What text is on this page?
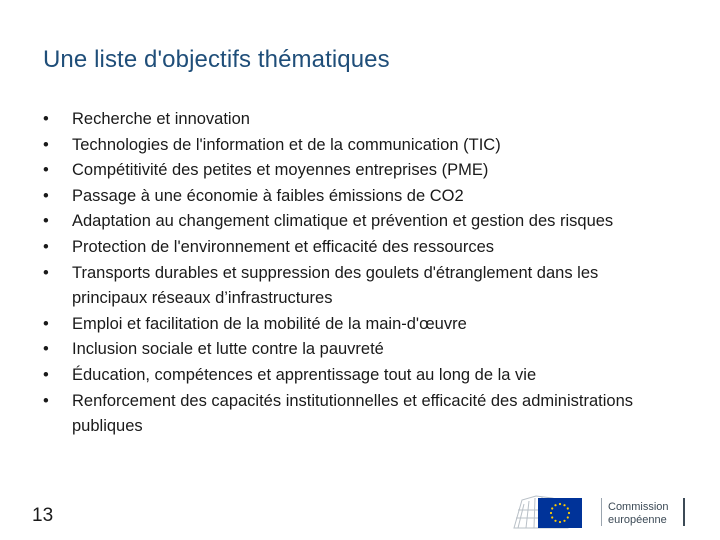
Une liste d'objectifs thématiques
•	Recherche et innovation
•	Technologies de l'information et de la communication (TIC)
•	Compétitivité des petites et moyennes entreprises (PME)
•	Passage à une économie à faibles émissions de CO2
•	Adaptation au changement climatique et prévention et gestion des risques
•	Protection de l'environnement et efficacité des ressources
•	Transports durables et suppression des goulets d'étranglement dans les principaux réseaux d’infrastructures
•	Emploi et facilitation de la mobilité de la main-d'œuvre
•	Inclusion sociale et lutte contre la pauvreté
•	Éducation, compétences et apprentissage tout au long de la vie
•	Renforcement des capacités institutionnelles et efficacité des administrations publiques
13	Commission
européenne
